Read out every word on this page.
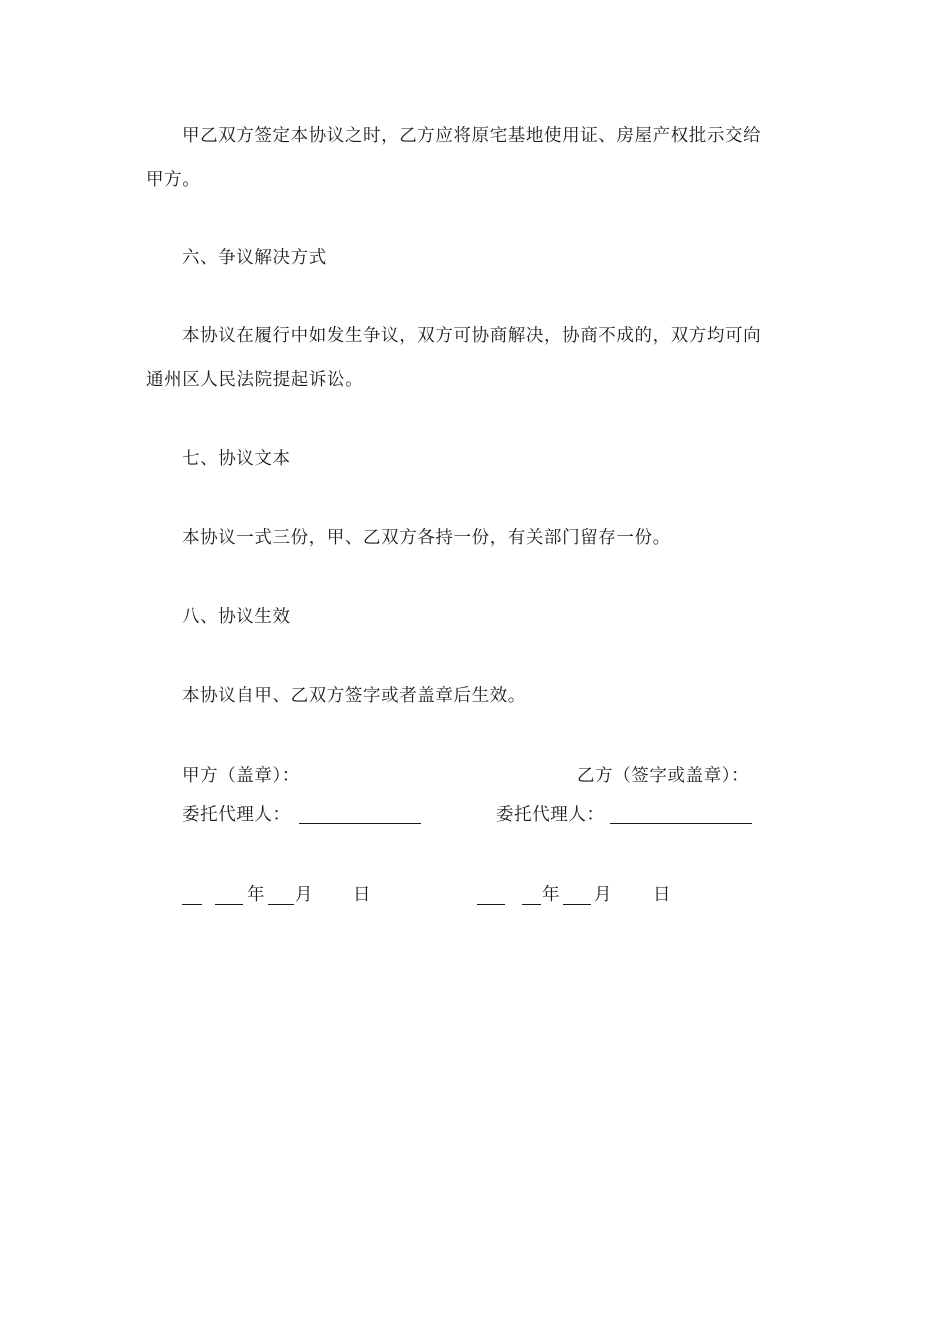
甲乙双方签定本协议之时，乙方应将原宅基地使用证、房屋产权批示交给
甲方。
六、争议解决方式
本协议在履行中如发生争议，双方可协商解决，协商不成的，双方均可向
通州区人民法院提起诉讼。
七、协议文本
本协议一式三份，甲、乙双方各持一份，有关部门留存一份。
八、协议生效
本协议自甲、乙双方签字或者盖章后生效。
甲方（盖章）：	乙方（签字或盖章）：
委托代理人：	委托代理人：
年 月 日	年 月 日
